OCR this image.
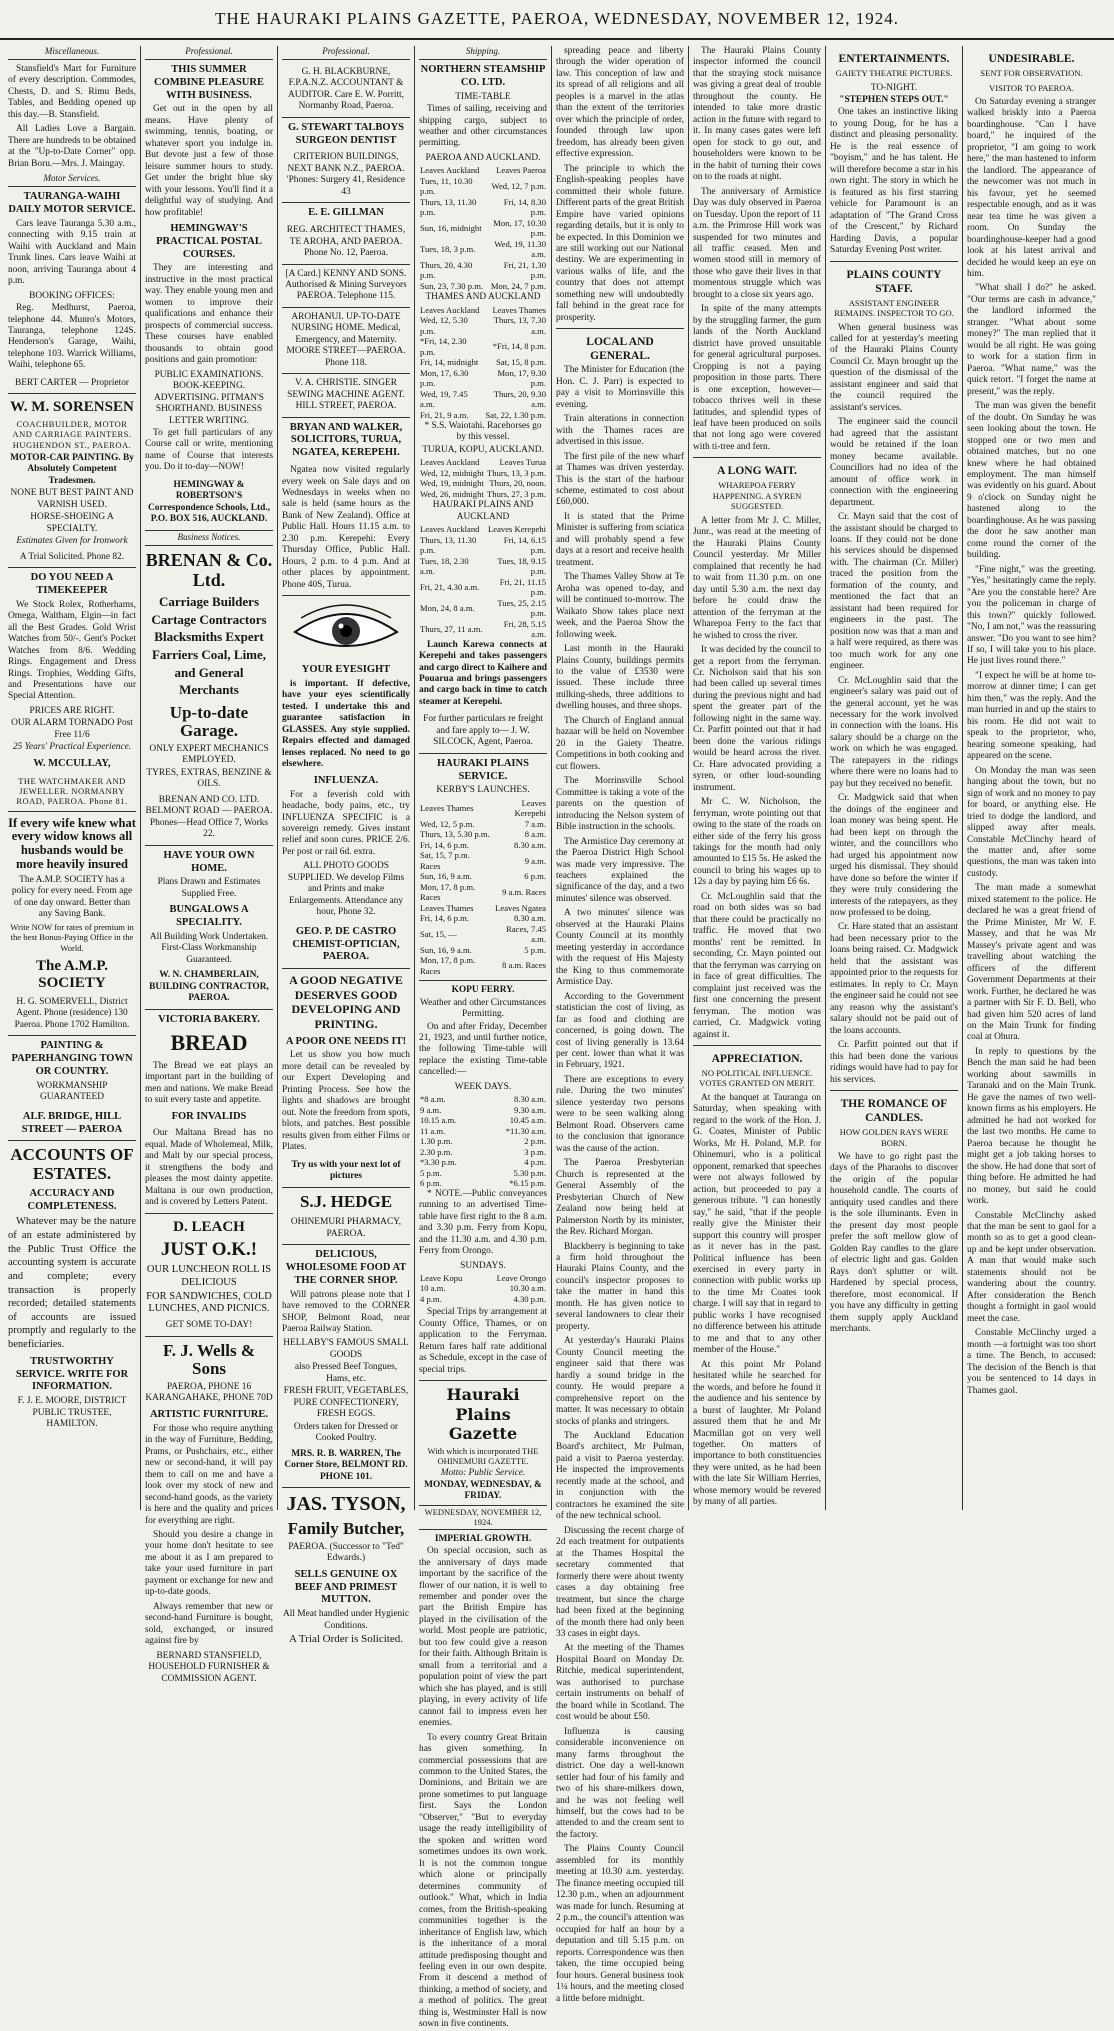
THE HAURAKI PLAINS GAZETTE, PAEROA, WEDNESDAY, NOVEMBER 12, 1924.
Miscellaneous.

Stansfield's Mart for Furniture of every description. Commodes, Chests, D. and S. Rimu Beds, Tables, and Bedding opened up this day.—B. Stansfield.

All Ladies Love a Bargain. There are hundreds to be obtained at the "Up-to-Date Corner" opp. Brian Boru.—Mrs. J. Maingay.

Motor Services.
TAURANGA-WAIHI DAILY MOTOR SERVICE.

Cars leave Tauranga 5.30 a.m., connecting with 9.15 train at Waihi with Auckland and Main Trunk lines. Cars leave Waihi at noon, arriving Tauranga about 4 p.m.

BOOKING OFFICES:

Reg. Medhurst, Paeroa, telephone 44. Munro's Motors, Tauranga, telephone 124S. Henderson's Garage, Waihi, telephone 103. Warrick Williams, Waihi, telephone 65.

BERT CARTER — Proprietor
W. M. SORENSEN
COACHBUILDER, MOTOR AND CARRIAGE PAINTERS. HUGHENDON ST., PAEROA.
MOTOR-CAR PAINTING. By Absolutely Competent Tradesmen.
NONE BUT BEST PAINT AND VARNISH USED.
HORSE-SHOEING A SPECIALTY.
Estimates Given for Ironwork
A Trial Solicited. Phone 82.
DO YOU NEED A TIMEKEEPER

We Stock Rolex, Rotherhams, Omega, Waltham, Elgin—in fact all the Best Grades. Gold Wrist Watches from 50/-. Gent's Pocket Watches from 8/6. Wedding Rings. Engagement and Dress Rings. Trophies, Wedding Gifts, and Presentations have our Special Attention.

PRICES ARE RIGHT.
OUR ALARM TORNADO Post Free 11/6
25 Years' Practical Experience.
W. MCCULLAY,
THE WATCHMAKER AND JEWELLER. NORMANBY ROAD, PAEROA. Phone 81.
If every wife knew what every widow knows all husbands would be more heavily insured
The A.M.P. SOCIETY has a policy for every need. From age of one day onward. Better than any Saving Bank.
Write NOW for rates of premium in the best Bonus-Paying Office in the World.
The A.M.P. SOCIETY
H. G. SOMERVELL, District Agent. Phone (residence) 130 Paeroa. Phone 1702 Hamilton.
PAINTING & PAPERHANGING TOWN OR COUNTRY.
WORKMANSHIP GUARANTEED
ALF. BRIDGE, HILL STREET — PAEROA
ACCOUNTS OF ESTATES.
ACCURACY AND COMPLETENESS.

Whatever may be the nature of an estate administered by the Public Trust Office the accounting system is accurate and complete; every transaction is properly recorded; detailed statements of accounts are issued promptly and regularly to the beneficiaries.

TRUSTWORTHY SERVICE. WRITE FOR INFORMATION.
F. J. E. MOORE, DISTRICT PUBLIC TRUSTEE, HAMILTON.
Professional.
THIS SUMMER COMBINE PLEASURE WITH BUSINESS.

Get out in the open by all means. Have plenty of swimming, tennis, boating, or whatever sport you indulge in. But devote just a few of those leisure summer hours to study. Get under the bright blue sky with your lessons. You'll find it a delightful way of studying. And how profitable!

HEMINGWAY'S PRACTICAL POSTAL COURSES.

They are interesting and instructive in the most practical way. They enable young men and women to improve their qualifications and enhance their prospects of commercial success. These courses have enabled thousands to obtain good positions and gain promotion:

PUBLIC EXAMINATIONS. BOOK-KEEPING. ADVERTISING. PITMAN'S SHORTHAND. BUSINESS LETTER WRITING.

To get full particulars of any Course call or write, mentioning name of Course that interests you. Do it to-day—NOW!

HEMINGWAY & ROBERTSON'S Correspondence Schools, Ltd., P.O. BOX 516, AUCKLAND.
Business Notices.
BRENAN & Co. Ltd.
Carriage Builders Cartage Contractors Blacksmiths Expert Farriers Coal, Lime, and General Merchants
Up-to-date Garage.
ONLY EXPERT MECHANICS EMPLOYED.
TYRES, EXTRAS, BENZINE & OILS.
BRENAN AND CO. LTD. BELMONT ROAD — PAEROA. Phones—Head Office 7, Works 22.
HAVE YOUR OWN HOME.
Plans Drawn and Estimates Supplied Free.
BUNGALOWS A SPECIALITY.
All Building Work Undertaken. First-Class Workmanship Guaranteed.
W. N. CHAMBERLAIN, BUILDING CONTRACTOR, PAEROA.
VICTORIA BAKERY.
BREAD

The Bread we eat plays an important part in the building of men and nations. We make Bread to suit every taste and appetite.

FOR INVALIDS

Our Maltana Bread has no equal. Made of Wholemeal, Milk, and Malt by our special process, it strengthens the body and pleases the most dainty appetite. Maltana is our own production, and is covered by Letters Patent.

D. LEACH
JUST O.K.!
OUR LUNCHEON ROLL IS DELICIOUS
FOR SANDWICHES, COLD LUNCHES, AND PICNICS.
GET SOME TO-DAY!
F. J. Wells & Sons
PAEROA, PHONE 16 KARANGAHAKE, PHONE 70D
ARTISTIC FURNITURE.

For those who require anything in the way of Furniture, Bedding, Prams, or Pushchairs, etc., either new or second-hand, it will pay them to call on me and have a look over my stock of new and second-hand goods, as the variety is here and the quality and prices for everything are right.

Should you desire a change in your home don't hesitate to see me about it as I am prepared to take your used furniture in part payment or exchange for new and up-to-date goods.

Always remember that new or second-hand Furniture is bought, sold, exchanged, or insured against fire by

BERNARD STANSFIELD, HOUSEHOLD FURNISHER & COMMISSION AGENT.
Professional.
G. H. BLACKBURNE, F.P.A.N.Z. ACCOUNTANT & AUDITOR. Care E. W. Porritt, Normanby Road, Paeroa.
G. STEWART TALBOYS SURGEON DENTIST
CRITERION BUILDINGS, NEXT BANK N.Z., PAEROA. 'Phones: Surgery 41, Residence 43
E. E. GILLMAN
REG. ARCHITECT THAMES, TE AROHA, AND PAEROA. Phone No. 12, Paeroa.
[A Card.] KENNY AND SONS. Authorised & Mining Surveyors PAEROA. Telephone 115.
AROHANUI. UP-TO-DATE NURSING HOME. Medical, Emergency, and Maternity. MOORE STREET—PAEROA. Phone 118.
V. A. CHRISTIE. SINGER SEWING MACHINE AGENT. HILL STREET, PAEROA.
BRYAN AND WALKER, SOLICITORS, TURUA, NGATEA, KEREPEHI.

Ngatea now visited regularly every week on Sale days and on Wednesdays in weeks when no sale is held (same hours as the Bank of New Zealand). Office at Public Hall. Hours 11.15 a.m. to 2.30 p.m. Kerepehi: Every Thursday Office, Public Hall. Hours, 2 p.m. to 4 p.m. And at other places by appointment. Phone 40S, Turua.

YOUR EYESIGHT

is important. If defective, have your eyes scientifically tested. I undertake this and guarantee satisfaction in GLASSES. Any style supplied. Repairs effected and damaged lenses replaced. No need to go elsewhere.

INFLUENZA.

For a feverish cold with headache, body pains, etc., try INFLUENZA SPECIFIC is a sovereign remedy. Gives instant relief and soon cures. PRICE 2/6. Per post or rail 6d. extra.

ALL PHOTO GOODS SUPPLIED. We develop Films and Prints and make Enlargements. Attendance any hour, Phone 32.
GEO. P. DE CASTRO CHEMIST-OPTICIAN, PAEROA.
A GOOD NEGATIVE DESERVES GOOD DEVELOPING AND PRINTING.
A POOR ONE NEEDS IT!

Let us show you how much more detail can be revealed by our Expert Developing and Printing Process. See how the lights and shadows are brought out. Note the freedom from spots, blots, and patches. Best possible results given from either Films or Plates.

Try us with your next lot of pictures
S.J. HEDGE
OHINEMURI PHARMACY, PAEROA.
DELICIOUS, WHOLESOME FOOD AT THE CORNER SHOP.

Will patrons please note that I have removed to the CORNER SHOP, Belmont Road, near Paeroa Railway Station.

HELLABY'S FAMOUS SMALL GOODS
also Pressed Beef Tongues, Hams, etc.
FRESH FRUIT, VEGETABLES, PURE CONFECTIONERY, FRESH EGGS.
Orders taken for Dressed or Cooked Poultry.
MRS. R. B. WARREN, The Corner Store, BELMONT RD. PHONE 101.
JAS. TYSON,
Family Butcher,
PAEROA. (Successor to "Ted" Edwards.)
SELLS GENUINE OX BEEF AND PRIMEST MUTTON.
All Meat handled under Hygienic Conditions.
A Trial Order is Solicited.
Shipping.
NORTHERN STEAMSHIP CO. LTD.
TIME-TABLE

Times of sailing, receiving and shipping cargo, subject to weather and other circumstances permitting.

PAEROA AND AUCKLAND.
Leaves Auckland	Leaves Paeroa
Tues, 11, 10.30 p.m.	Wed, 12, 7 p.m.
Thurs, 13, 11.30 p.m.	Fri, 14, 8.30 p.m.
Sun, 16, midnight	Mon, 17, 10.30 p.m.
Tues, 18, 3 p.m.	Wed, 19, 11.30 a.m.
Thurs, 20, 4.30 p.m.	Fri, 21, 1.30 p.m.
Sun, 23, 7.30 p.m.	Mon, 24, 7 p.m.
THAMES AND AUCKLAND
Leaves Auckland	Leaves Thames
Wed, 12, 5.30 p.m.	Thurs, 13, 7.30 a.m.
*Fri, 14, 2.30 p.m.	*Fri, 14, 8 p.m.
Fri, 14, midnight	Sat, 15, 8 p.m.
Mon, 17, 6.30 p.m.	Mon, 17, 9.30 p.m.
Wed, 19, 7.45 a.m.	Thurs, 20, 9.30 a.m.
Fri, 21, 9 a.m.	Sat, 22, 1.30 p.m.
* S.S. Waiotahi. Racehorses go by this vessel.
TURUA, KOPU, AUCKLAND.
Leaves Auckland	Leaves Turua
Wed, 12, midnight	Thurs, 13, 3 p.m.
Wed, 19, midnight	Thurs, 20, noon.
Wed, 26, midnight	Thurs, 27, 3 p.m.
HAURAKI PLAINS AND AUCKLAND
Leaves Auckland	Leaves Kerepehi
Thurs, 13, 11.30 p.m.	Fri, 14, 6.15 p.m.
Tues, 18, 2.30 a.m.	Tues, 18, 9.15 p.m.
Fri, 21, 4.30 a.m.	Fri, 21, 11.15 p.m.
Mon, 24, 8 a.m.	Tues, 25, 2.15 p.m.
Thurs, 27, 11 a.m.	Fri, 28, 5.15 a.m.

Launch Karewa connects at Kerepehi and takes passengers and cargo direct to Kaihere and Pouarua and brings passengers and cargo back in time to catch steamer at Kerepehi.

For further particulars re freight and fare apply to— J. W. SILCOCK, Agent, Paeroa.
HAURAKI PLAINS SERVICE.
KERBY'S LAUNCHES.
Leaves Thames	Leaves Kerepehi
Wed, 12, 5 p.m.	7 a.m.
Thurs, 13, 5.30 p.m.	8 a.m.
Fri, 14, 6 p.m.	8.30 a.m.
Sat, 15, 7 p.m. Races	9 a.m.
Sun, 16, 9 a.m.	6 p.m.
Mon, 17, 8 p.m. Races	9 a.m. Races
Leaves Thames	Leaves Ngatea
Fri, 14, 6 p.m.	8.30 a.m.
Sat, 15, —	Races, 7.45 a.m.
Sun, 16, 9 a.m.	5 p.m.
Mon, 17, 8 p.m. Races	8 a.m. Races
KOPU FERRY.
Weather and other Circumstances Permitting.

On and after Friday, December 21, 1923, and until further notice, the following Time-table will replace the existing Time-table cancelled:—

WEEK DAYS.
*8 a.m.	8.30 a.m.
9 a.m.	9.30 a.m.
10.15 a.m.	10.45 a.m.
11 a.m.	*11.30 a.m.
1.30 p.m.	2 p.m.
2.30 p.m.	3 p.m.
*3.30 p.m.	4 p.m.
5 p.m.	5.30 p.m.
6 p.m.	*6.15 p.m.

* NOTE.—Public conveyances running to an advertised Time-table have first right to the 8 a.m. and 3.30 p.m. Ferry from Kopu, and the 11.30 a.m. and 4.30 p.m. Ferry from Orongo.

SUNDAYS.
Leave Kopu	Leave Orongo
10 a.m.	10.30 a.m.
4 p.m.	4.30 p.m.

Special Trips by arrangement at County Office, Thames, or on application to the Ferryman. Return fares half rate additional as Schedule, except in the case of special trips.

Hauraki Plains Gazette
With which is incorporated THE OHINEMURI GAZETTE.
Motto: Public Service.
MONDAY, WEDNESDAY, & FRIDAY.
WEDNESDAY, NOVEMBER 12, 1924.
IMPERIAL GROWTH.

On special occasion, such as the anniversary of days made important by the sacrifice of the flower of our nation, it is well to remember and ponder over the part the British Empire has played in the civilisation of the world. Most people are patriotic, but too few could give a reason for their faith. Although Britain is small from a territorial and a population point of view the part which she has played, and is still playing, in every activity of life cannot fail to impress even her enemies.

To every country Great Britain has given something. In commercial possessions that are common to the United States, the Dominions, and Britain we are prone sometimes to put language first. Says the London "Observer," "But to everyday usage the ready intelligibility of the spoken and written word sometimes undoes its own work. It is not the common tongue which alone or principally determines community of outlook." What, which in India comes, from the British-speaking communities together is the inheritance of English law, which is the inheritance of a moral attitude predisposing thought and feeling even in our own despite. From it descend a method of thinking, a method of society, and a method of politics. The great thing is, Westminster Hall is now sown in five continents.

spreading peace and liberty through the wider operation of law. This conception of law and its spread of all religions and all peoples is a marvel in the atlas than the extent of the territories over which the principle of order, founded through law upon freedom, has already been given effective expression.

The principle to which the English-speaking peoples have committed their whole future. Different parts of the great British Empire have varied opinions regarding details, but it is only to be expected. In this Dominion we are still working out our National destiny. We are experimenting in various walks of life, and the country that does not attempt something new will undoubtedly fall behind in the great race for prosperity.

LOCAL AND GENERAL.

The Minister for Education (the Hon. C. J. Parr) is expected to pay a visit to Morrinsville this evening.

Train alterations in connection with the Thames races are advertised in this issue.

The first pile of the new wharf at Thames was driven yesterday. This is the start of the harbour scheme, estimated to cost about £60,000.

It is stated that the Prime Minister is suffering from sciatica and will probably spend a few days at a resort and receive health treatment.

The Thames Valley Show at Te Aroha was opened to-day, and will be continued to-morrow. The Waikato Show takes place next week, and the Paeroa Show the following week.

Last month in the Hauraki Plains County, buildings permits to the value of £3530 were issued. These include three milking-sheds, three additions to dwelling houses, and three shops.

The Church of England annual bazaar will be held on November 20 in the Gaiety Theatre. Competitions in both cooking and cut flowers.

The Morrinsville School Committee is taking a vote of the parents on the question of introducing the Nelson system of Bible instruction in the schools.

The Armistice Day ceremony at the Paeroa District High School was made very impressive. The teachers explained the significance of the day, and a two minutes' silence was observed.

A two minutes' silence was observed at the Hauraki Plains County Council at its monthly meeting yesterday in accordance with the request of His Majesty the King to thus commemorate Armistice Day.

According to the Government statistician the cost of living, as far as food and clothing are concerned, is going down. The cost of living generally is 13.64 per cent. lower than what it was in February, 1921.

There are exceptions to every rule. During the two minutes' silence yesterday two persons were to be seen walking along Belmont Road. Observers came to the conclusion that ignorance was the cause of the action.

The Paeroa Presbyterian Church is represented at the General Assembly of the Presbyterian Church of New Zealand now being held at Palmerston North by its minister, the Rev. Richard Morgan.

Blackberry is beginning to take a firm hold throughout the Hauraki Plains County, and the council's inspector proposes to take the matter in hand this month. He has given notice to several landowners to clear their property.

At yesterday's Hauraki Plains County Council meeting the engineer said that there was hardly a sound bridge in the county. He would prepare a comprehensive report on the matter. It was necessary to obtain stocks of planks and stringers.

The Auckland Education Board's architect, Mr Pulman, paid a visit to Paeroa yesterday. He inspected the improvements recently made at the school, and in conjunction with the contractors he examined the site of the new technical school.

Discussing the recent charge of 2d each treatment for outpatients at the Thames Hospital the secretary commented that formerly there were about twenty cases a day obtaining free treatment, but since the charge had been fixed at the beginning of the month there had only been 33 cases in eight days.

At the meeting of the Thames Hospital Board on Monday Dr. Ritchie, medical superintendent, was authorised to purchase certain instruments on behalf of the board while in Scotland. The cost would be about £50.

Influenza is causing considerable inconvenience on many farms throughout the district. One day a well-known settler had four of his family and two of his share-milkers down, and he was not feeling well himself, but the cows had to be attended to and the cream sent to the factory.

The Plains County Council assembled for its monthly meeting at 10.30 a.m. yesterday. The finance meeting occupied till 12.30 p.m., when an adjournment was made for lunch. Resuming at 2 p.m., the council's attention was occupied for half an hour by a deputation and till 5.15 p.m. on reports. Correspondence was then taken, the time occupied being four hours. General business took 1¼ hours, and the meeting closed a little before midnight.

The Hauraki Plains County inspector informed the council that the straying stock nuisance was giving a great deal of trouble throughout the county. He intended to take more drastic action in the future with regard to it. In many cases gates were left open for stock to go out, and householders were known to be in the habit of turning their cows on to the roads at night.

The anniversary of Armistice Day was duly observed in Paeroa on Tuesday. Upon the report of 11 a.m. the Primrose Hill work was suspended for two minutes and all traffic ceased. Men and women stood still in memory of those who gave their lives in that momentous struggle which was brought to a close six years ago.

In spite of the many attempts by the struggling farmer, the gum lands of the North Auckland district have proved unsuitable for general agricultural purposes. Cropping is not a paying proposition in those parts. There is one exception, however—tobacco thrives well in these latitudes, and splendid types of leaf have been produced on soils that not long ago were covered with ti-tree and fern.

A LONG WAIT.
WHAREPOA FERRY HAPPENING. A SYREN SUGGESTED.

A letter from Mr J. C. Miller, Junr., was read at the meeting of the Hauraki Plains County Council yesterday. Mr Miller complained that recently he had to wait from 11.30 p.m. on one day until 5.30 a.m. the next day before he could draw the attention of the ferryman at the Wharepoa Ferry to the fact that he wished to cross the river.

It was decided by the council to get a report from the ferryman. Cr. Nicholson said that his son had been called up several times during the previous night and had spent the greater part of the following night in the same way. Cr. Parfitt pointed out that it had been done the various ridings would be heard across the river. Cr. Hare advocated providing a syren, or other loud-sounding instrument.

Mr C. W. Nicholson, the ferryman, wrote pointing out that owing to the state of the roads on either side of the ferry his gross takings for the month had only amounted to £15 5s. He asked the council to bring his wages up to 12s a day by paying him £6 6s.

Cr. McLoughlin said that the road on both sides was so bad that there could be practically no traffic. He moved that two months' rent be remitted. In seconding, Cr. Mayn pointed out that the ferryman was carrying on in face of great difficulties. The complaint just received was the first one concerning the present ferryman. The motion was carried, Cr. Madgwick voting against it.

APPRECIATION.
NO POLITICAL INFLUENCE. VOTES GRANTED ON MERIT.

At the banquet at Tauranga on Saturday, when speaking with regard to the work of the Hon. J. G. Coates, Minister of Public Works, Mr H. Poland, M.P. for Ohinemuri, who is a political opponent, remarked that speeches were not always followed by action, but proceeded to pay a generous tribute. "I can honestly say," he said, "that if the people really give the Minister their support this country will prosper as it never has in the past. Political influence has been exercised in every party in connection with public works up to the time Mr Coates took charge. I will say that in regard to public works I have recognised no difference between his attitude to me and that to any other member of the House."

At this point Mr Poland hesitated while he searched for the words, and before he found it the audience and his sentence by a burst of laughter. Mr Poland assured them that he and Mr Macmillan got on very well together. On matters of importance to both constituencies they were united, as he had been with the late Sir William Herries, whose memory would be revered by many of all parties.

ENTERTAINMENTS.
GAIETY THEATRE PICTURES.
TO-NIGHT.
"STEPHEN STEPS OUT."

One takes an instinctive liking to young Doug, for he has a distinct and pleasing personality. He is the real essence of "boyism," and he has talent. He will therefore become a star in his own right. The story in which he is featured as his first starring vehicle for Paramount is an adaptation of "The Grand Cross of the Crescent," by Richard Harding Davis, a popular Saturday Evening Post writer.

PLAINS COUNTY STAFF.
ASSISTANT ENGINEER REMAINS. INSPECTOR TO GO.

When general business was called for at yesterday's meeting of the Hauraki Plains County Council Cr. Mayn brought up the question of the dismissal of the assistant engineer and said that the council required the assistant's services.

The engineer said the council had agreed that the assistant would be retained if the loan money became available. Councillors had no idea of the amount of office work in connection with the engineering department.

Cr. Mayn said that the cost of the assistant should be charged to loans. If they could not be done his services should be dispensed with. The chairman (Cr. Miller) traced the position from the formation of the county, and mentioned the fact that an assistant had been required for engineers in the past. The position now was that a man and a half were required, as there was too much work for any one engineer.

Cr. McLoughlin said that the engineer's salary was paid out of the general account, yet he was necessary for the work involved in connection with the loans. His salary should be a charge on the work on which he was engaged. The ratepayers in the ridings where there were no loans had to pay but they received no benefit.

Cr. Madgwick said that when the doings of the engineer and loan money was being spent. He had been kept on through the winter, and the councillors who had urged his appointment now urged his dismissal. They should have done so before the winter if they were truly considering the interests of the ratepayers, as they now professed to be doing.

Cr. Hare stated that an assistant had been necessary prior to the loans being raised. Cr. Madgwick held that the assistant was appointed prior to the requests for estimates. In reply to Cr. Mayn the engineer said he could not see any reason why the assistant's salary should not be paid out of the loans accounts.

Cr. Parfitt pointed out that if this had been done the various ridings would have had to pay for his services.

THE ROMANCE OF CANDLES.
HOW GOLDEN RAYS WERE BORN.

We have to go right past the days of the Pharaohs to discover the origin of the popular household candle. The courts of antiquity used candles and there is the sole illuminants. Even in the present day most people prefer the soft mellow glow of Golden Ray candles to the glare of electric light and gas. Golden Rays don't splutter or wilt. Hardened by special process, therefore, most economical. If you have any difficulty in getting them supply apply Auckland merchants.

UNDESIRABLE.
SENT FOR OBSERVATION.
VISITOR TO PAEROA.

On Saturday evening a stranger walked briskly into a Paeroa boardinghouse. "Can I have board," he inquired of the proprietor, "I am going to work here," the man hastened to inform the landlord. The appearance of the newcomer was not much in his favour, yet he seemed respectable enough, and as it was near tea time he was given a room. On Sunday the boardinghouse-keeper had a good look at his latest arrival and decided he would keep an eye on him.

"What shall I do?" he asked. "Our terms are cash in advance," the landlord informed the stranger. "What about some money?" The man replied that it would be all right. He was going to work for a station firm in Paeroa. "What name," was the quick retort. "I forget the name at present," was the reply.

The man was given the benefit of the doubt. On Sunday he was seen looking about the town. He stopped one or two men and obtained matches, but no one knew where he had obtained employment. The man himself was evidently on his guard. About 9 o'clock on Sunday night he hastened along to the boardinghouse. As he was passing the door he saw another man come round the corner of the building.

"Fine night," was the greeting. "Yes," hesitatingly came the reply. "Are you the constable here? Are you the policeman in charge of this town?" quickly followed. "No, I am not," was the reassuring answer. "Do you want to see him? If so, I will take you to his place. He just lives round there."

"I expect he will be at home to-morrow at dinner time; I can get him then," was the reply. And the man hurried in and up the stairs to his room. He did not wait to speak to the proprietor, who, hearing someone speaking, had appeared on the scene.

On Monday the man was seen hanging about the town, but no sign of work and no money to pay for board, or anything else. He tried to dodge the landlord, and slipped away after meals. Constable McClinchy heard of the matter and, after some questions, the man was taken into custody.

The man made a somewhat mixed statement to the police. He declared he was a great friend of the Prime Minister, Mr W. F. Massey, and that he was Mr Massey's private agent and was travelling about watching the officers of the different Government Departments at their work. Further, he declared he was a partner with Sir F. D. Bell, who had given him 520 acres of land on the Main Trunk for finding coal at Ohura.

In reply to questions by the Bench the man said he had been working about sawmills in Taranaki and on the Main Trunk. He gave the names of two well-known firms as his employers. He admitted he had not worked for the last two months. He came to Paeroa because he thought he might get a job taking horses to the show. He had done that sort of thing before. He admitted he had no money, but said he could work.

Constable McClinchy asked that the man be sent to gaol for a month so as to get a good clean-up and be kept under observation. A man that would make such statements should not be wandering about the country. After consideration the Bench thought a fortnight in gaol would meet the case.

Constable McClinchy urged a month —a fortnight was too short a time. The Bench, to accused: The decision of the Bench is that you be sentenced to 14 days in Thames gaol.
